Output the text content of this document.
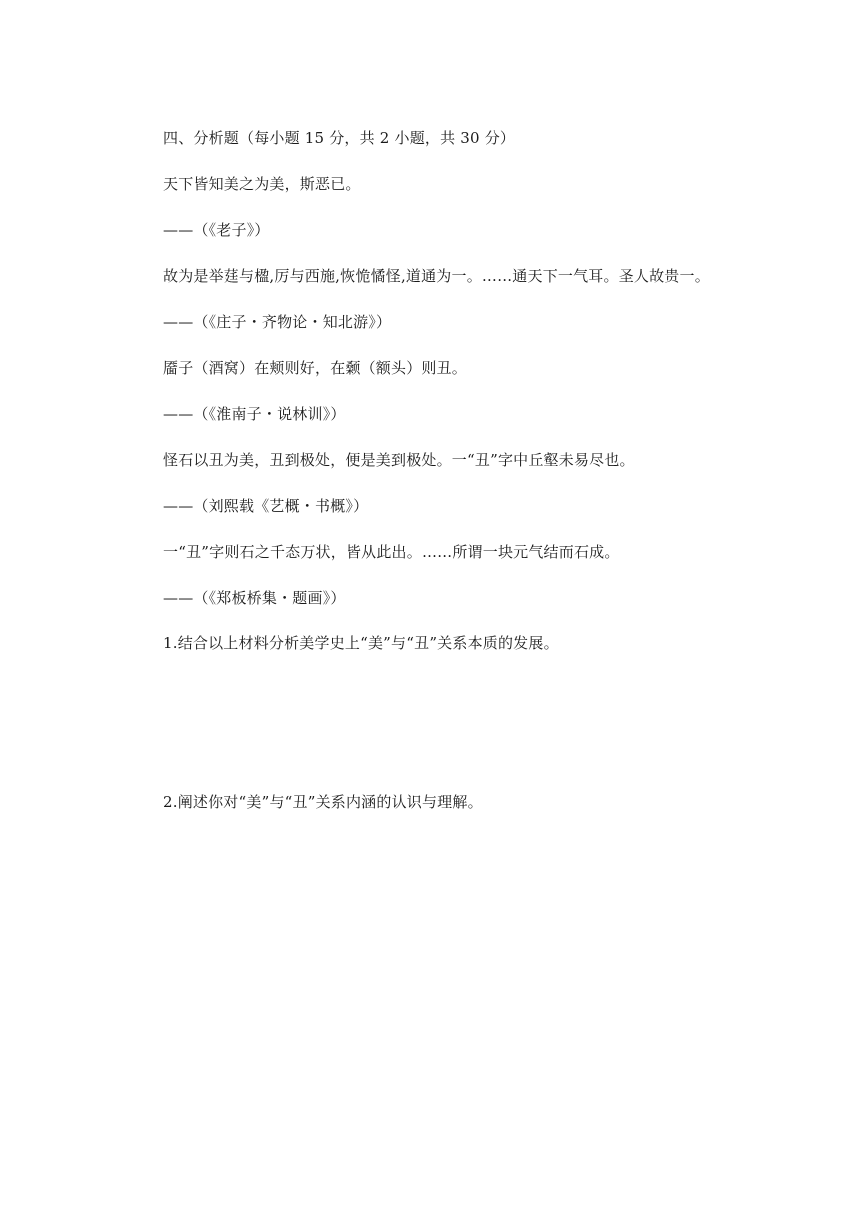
四、分析题（每小题 15 分，共 2 小题，共 30 分）
天下皆知美之为美，斯恶已。
——（《老子》）
故为是举莛与楹,厉与西施,恢恑憰怪,道通为一。……通天下一气耳。圣人故贵一。
——（《庄子・齐物论・知北游》）
靥子（酒窝）在颊则好，在颡（额头）则丑。
——（《淮南子・说林训》）
怪石以丑为美，丑到极处，便是美到极处。一“丑”字中丘壑未易尽也。
——（刘熙载《艺概・书概》）
一“丑”字则石之千态万状，皆从此出。……所谓一块元气结而石成。
——（《郑板桥集・题画》）
1.结合以上材料分析美学史上“美”与“丑”关系本质的发展。
2.阐述你对“美”与“丑”关系内涵的认识与理解。
